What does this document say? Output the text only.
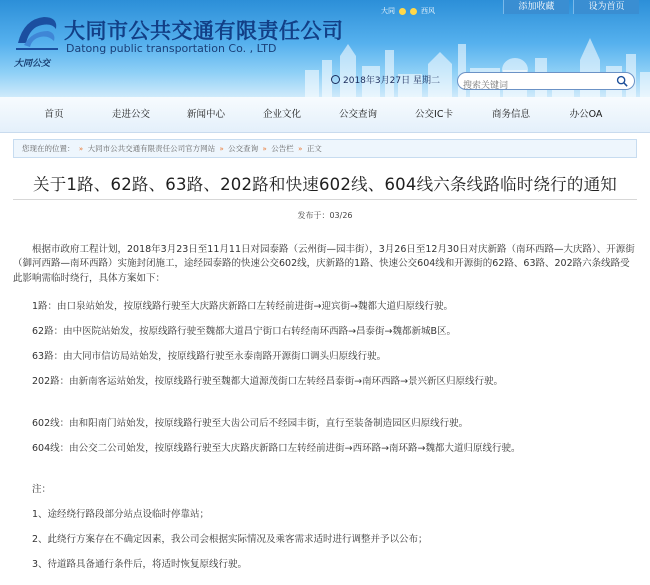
大同公交
大同市公共交通有限责任公司
Datong public transportation Co. , LTD
大同	西风	添加收藏	设为首页
2018年3月27日 星期二
搜索关键词
首页	走进公交	新闻中心	企业文化	公交查询	公交IC卡	商务信息	办公OA
您现在的位置： » 大同市公共交通有限责任公司官方网站 » 公交查询 » 公告栏 » 正文
关于1路、62路、63路、202路和快速602线、604线六条线路临时绕行的通知
发布于：03/26

根据市政府工程计划，2018年3月23日至11月11日对园泰路（云州街—园丰街），3月26日至12月30日对庆新路（南环西路—大庆路）、开源街（御河西路—南环西路）实施封闭施工，途经园泰路的快速公交602线，庆新路的1路、快速公交604线和开源街的62路、63路、202路六条线路受此影响需临时绕行，具体方案如下：

1路：由口泉站始发，按原线路行驶至大庆路庆新路口左转经前进街→迎宾街→魏都大道归原线行驶。

62路：由中医院站始发，按原线路行驶至魏都大道昌宁街口右转经南环西路→昌泰街→魏都新城B区。

63路：由大同市信访局站始发，按原线路行驶至永泰南路开源街口调头归原线行驶。

202路：由新南客运站始发，按原线路行驶至魏都大道源茂街口左转经昌泰街→南环西路→景兴新区归原线行驶。

602线：由和阳南门站始发，按原线路行驶至大齿公司后不经园丰街，直行至装备制造园区归原线行驶。

604线：由公交二公司始发，按原线路行驶至大庆路庆新路口左转经前进街→西环路→南环路→魏都大道归原线行驶。

注：

1、途经绕行路段部分站点设临时停靠站；

2、此绕行方案存在不确定因素，我公司会根据实际情况及乘客需求适时进行调整并予以公布；

3、待道路具备通行条件后，将适时恢复原线行驶。
